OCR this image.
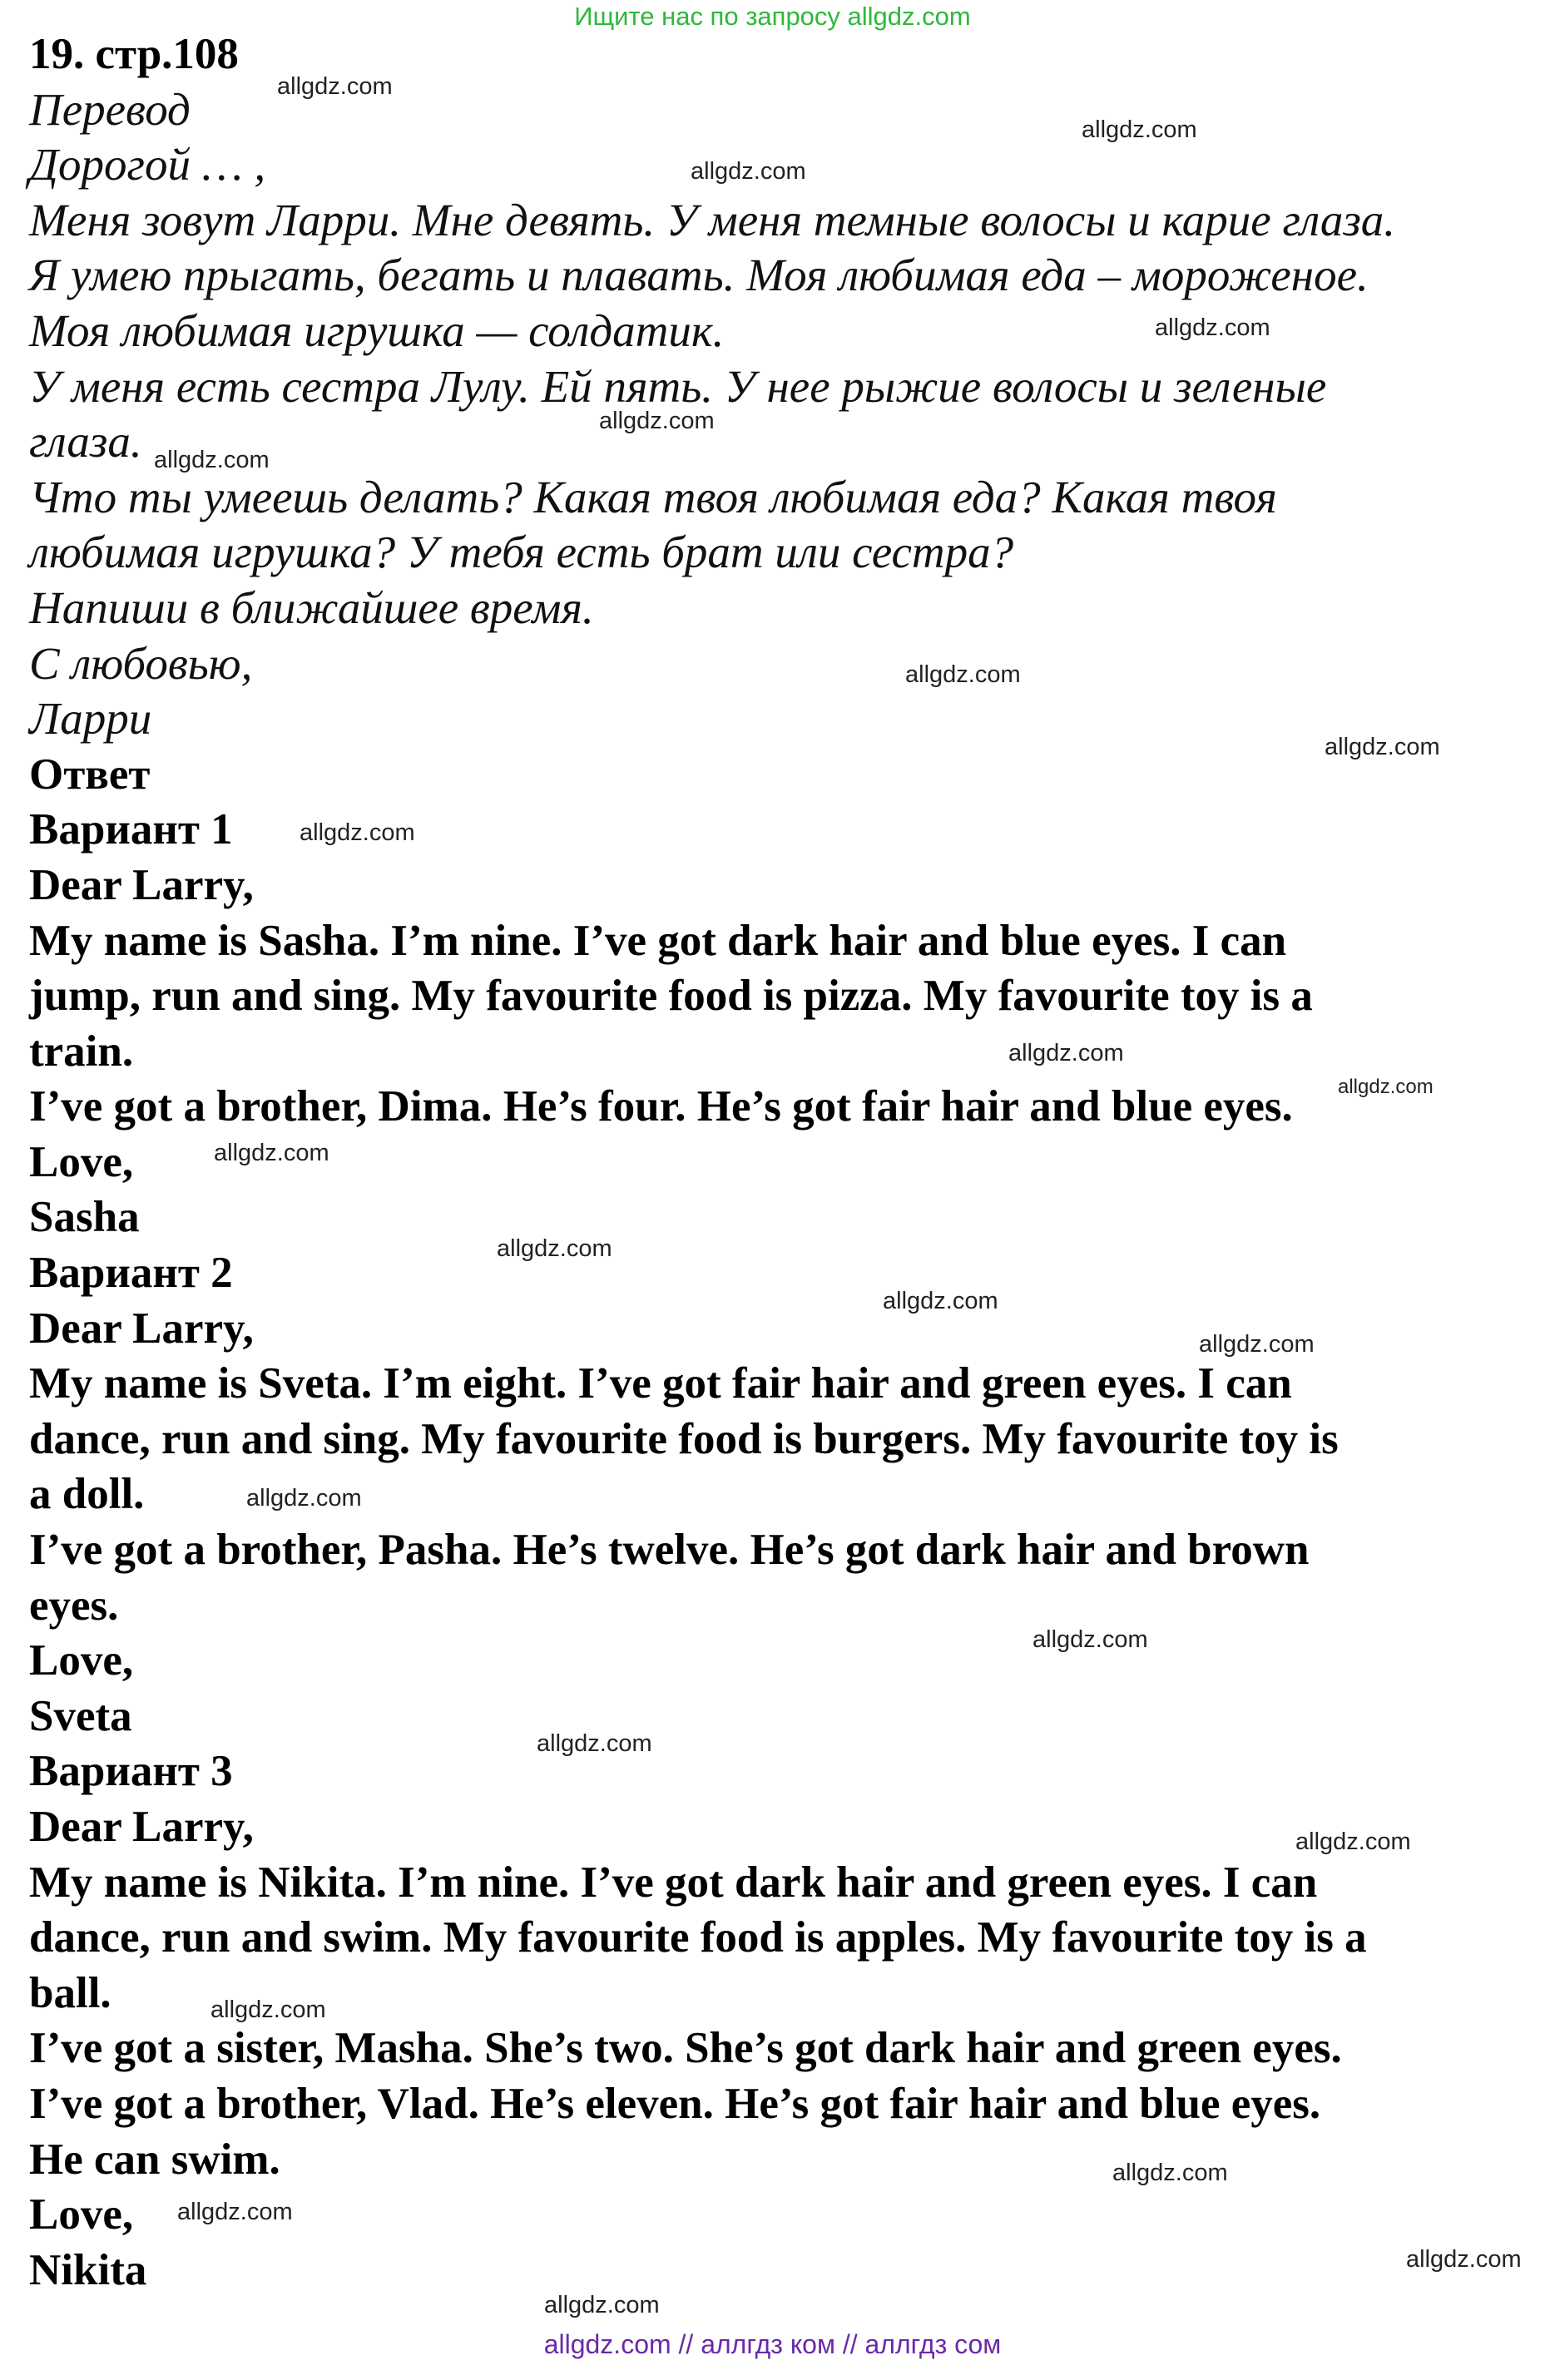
Ищите нас по запросу allgdz.com
19. стр.108
Перевод
Дорогой … ,
Меня зовут Ларри. Мне девять. У меня темные волосы и карие глаза.
Я умею прыгать, бегать и плавать. Моя любимая еда – мороженое.
Моя любимая игрушка — солдатик.
У меня есть сестра Лулу. Ей пять. У нее рыжие волосы и зеленые
глаза.
Что ты умеешь делать? Какая твоя любимая еда? Какая твоя
любимая игрушка? У тебя есть брат или сестра?
Напиши в ближайшее время.
С любовью,
Ларри
Ответ
Вариант 1
Dear Larry,
My name is Sasha. I’m nine. I’ve got dark hair and blue eyes. I can
jump, run and sing. My favourite food is pizza. My favourite toy is a
train.
I’ve got a brother, Dima. He’s four. He’s got fair hair and blue eyes.
Love,
Sasha
Вариант 2
Dear Larry,
My name is Sveta. I’m eight. I’ve got fair hair and green eyes. I can
dance, run and sing. My favourite food is burgers. My favourite toy is
a doll.
I’ve got a brother, Pasha. He’s twelve. He’s got dark hair and brown
eyes.
Love,
Sveta
Вариант 3
Dear Larry,
My name is Nikita. I’m nine. I’ve got dark hair and green eyes. I can
dance, run and swim. My favourite food is apples. My favourite toy is a
ball.
I’ve got a sister, Masha. She’s two. She’s got dark hair and green eyes.
I’ve got a brother, Vlad. He’s eleven. He’s got fair hair and blue eyes.
He can swim.
Love,
Nikita
allgdz.com
allgdz.com
allgdz.com
allgdz.com
allgdz.com
allgdz.com
allgdz.com
allgdz.com
allgdz.com
allgdz.com
allgdz.com
allgdz.com
allgdz.com
allgdz.com
allgdz.com
allgdz.com
allgdz.com
allgdz.com
allgdz.com
allgdz.com
allgdz.com
allgdz.com
allgdz.com
allgdz.com
allgdz.com // аллгдз ком // аллгдз сом
